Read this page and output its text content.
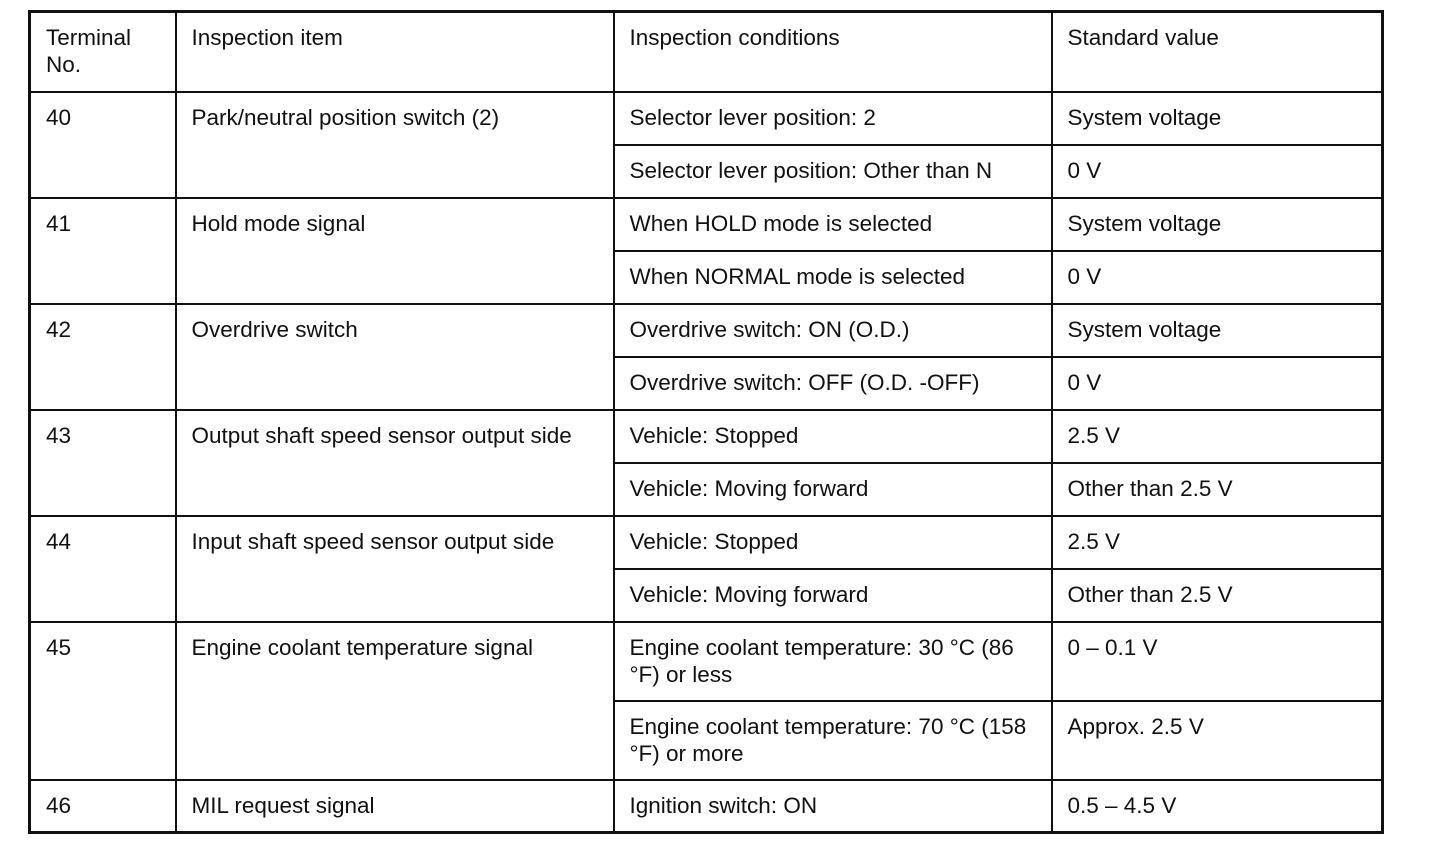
Terminal
No.	Inspection item	Inspection conditions	Standard value
40	Park/neutral position switch (2)	Selector lever position: 2	System voltage
		Selector lever position: Other than N	0 V
41	Hold mode signal	When HOLD mode is selected	System voltage
		When NORMAL mode is selected	0 V
42	Overdrive switch	Overdrive switch: ON (O.D.)	System voltage
		Overdrive switch: OFF (O.D. -OFF)	0 V
43	Output shaft speed sensor output side	Vehicle: Stopped	2.5 V
		Vehicle: Moving forward	Other than 2.5 V
44	Input shaft speed sensor output side	Vehicle: Stopped	2.5 V
		Vehicle: Moving forward	Other than 2.5 V
45	Engine coolant temperature signal	Engine coolant temperature: 30 °C (86 °F) or less	0 – 0.1 V
		Engine coolant temperature: 70 °C (158 °F) or more	Approx. 2.5 V
46	MIL request signal	Ignition switch: ON	0.5 – 4.5 V
